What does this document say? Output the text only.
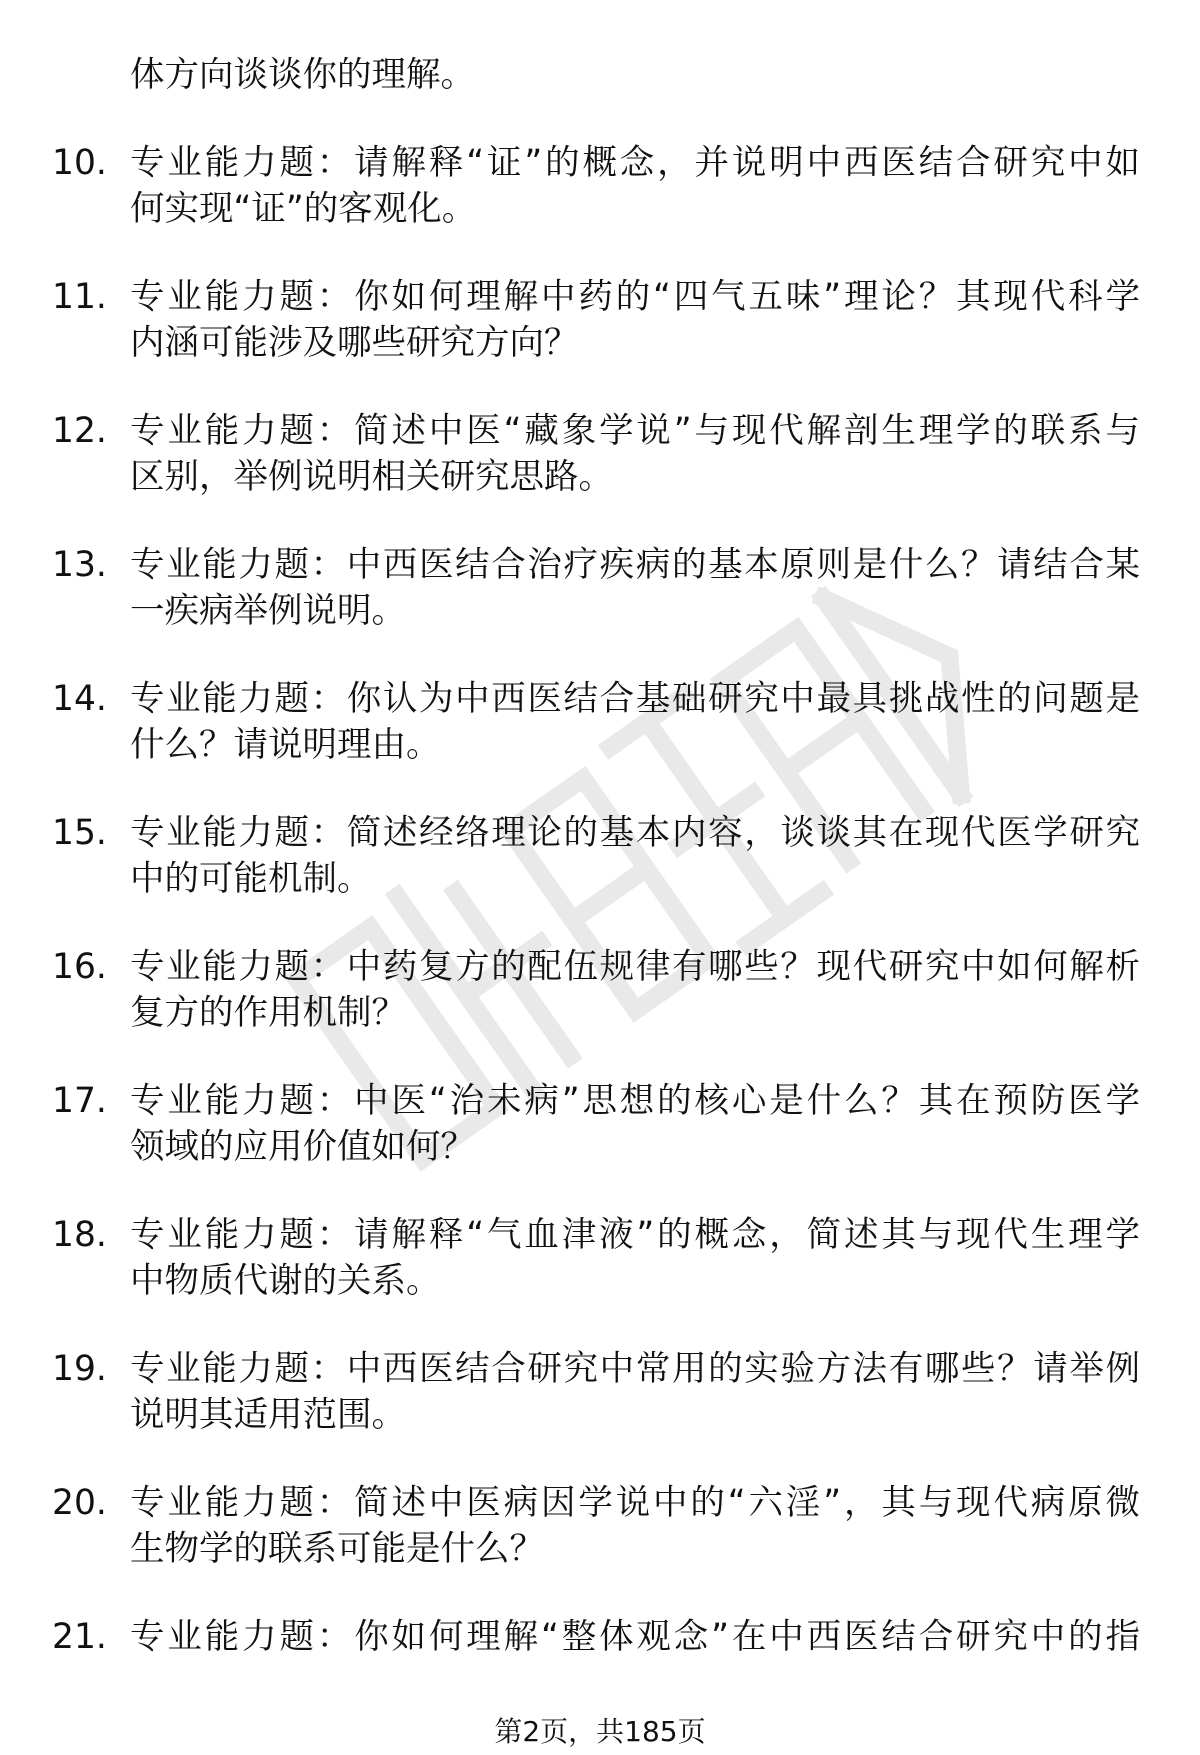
体方向谈谈你的理解。
10. 专业能力题：请解释“证”的概念，并说明中西医结合研究中如
何实现“证”的客观化。
11. 专业能力题：你如何理解中药的“四气五味”理论？其现代科学
内涵可能涉及哪些研究方向？
12. 专业能力题：简述中医“藏象学说”与现代解剖生理学的联系与
区别，举例说明相关研究思路。
13. 专业能力题：中西医结合治疗疾病的基本原则是什么？请结合某
一疾病举例说明。
14. 专业能力题：你认为中西医结合基础研究中最具挑战性的问题是
什么？请说明理由。
15. 专业能力题：简述经络理论的基本内容，谈谈其在现代医学研究
中的可能机制。
16. 专业能力题：中药复方的配伍规律有哪些？现代研究中如何解析
复方的作用机制？
17. 专业能力题：中医“治未病”思想的核心是什么？其在预防医学
领域的应用价值如何？
18. 专业能力题：请解释“气血津液”的概念，简述其与现代生理学
中物质代谢的关系。
19. 专业能力题：中西医结合研究中常用的实验方法有哪些？请举例
说明其适用范围。
20. 专业能力题：简述中医病因学说中的“六淫”，其与现代病原微
生物学的联系可能是什么？
21. 专业能力题：你如何理解“整体观念”在中西医结合研究中的指
第2页，共185页
